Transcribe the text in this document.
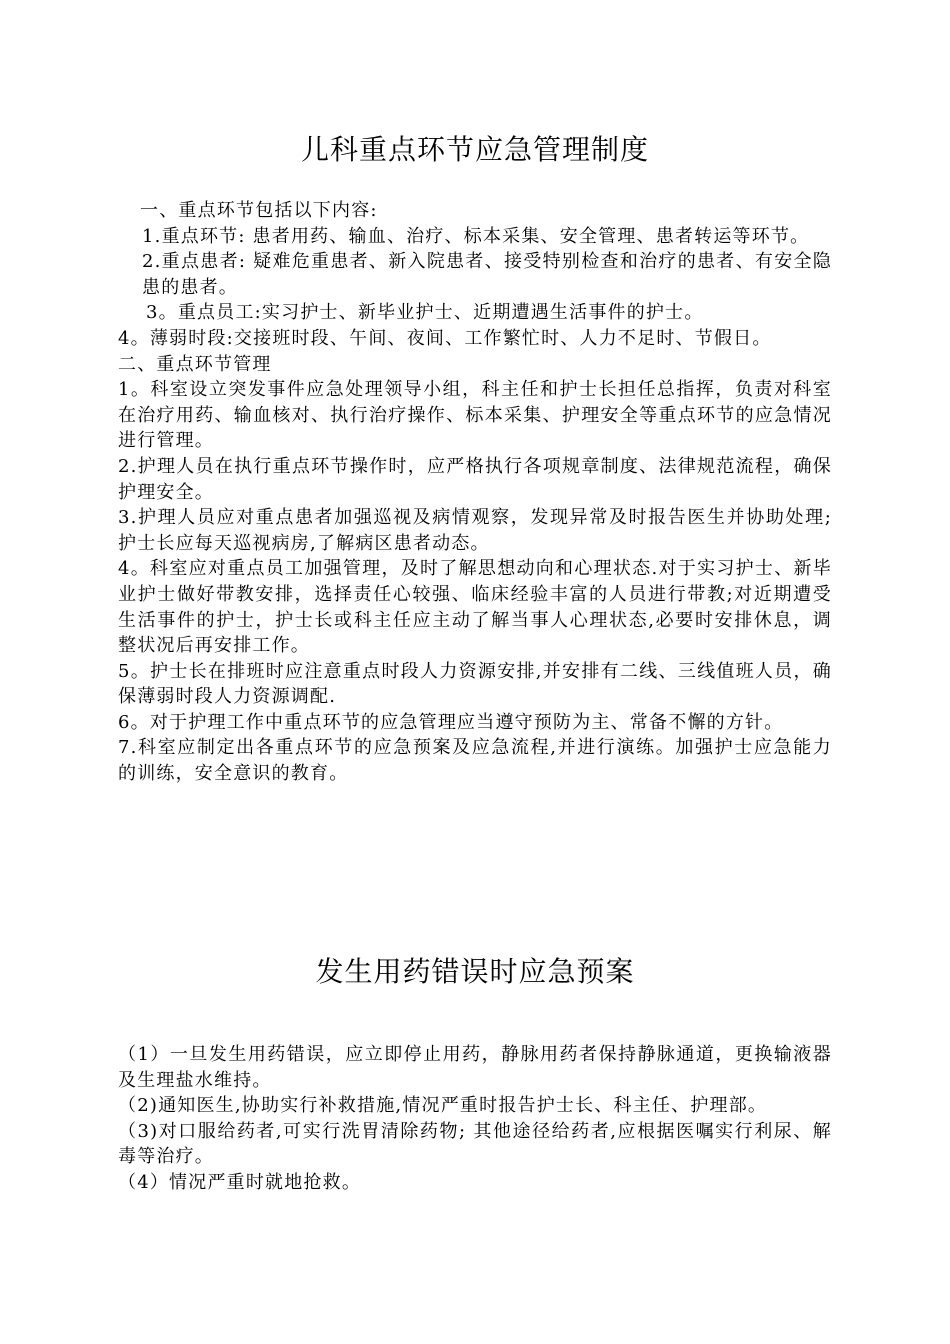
儿科重点环节应急管理制度

一、重点环节包括以下内容:

1.重点环节: 患者用药、输血、治疗、标本采集、安全管理、患者转运等环节。

2.重点患者: 疑难危重患者、新入院患者、接受特别检查和治疗的患者、有安全隐患的患者。

3。重点员工:实习护士、新毕业护士、近期遭遇生活事件的护士。

4。薄弱时段:交接班时段、午间、夜间、工作繁忙时、人力不足时、节假日。

二、重点环节管理

1。科室设立突发事件应急处理领导小组，科主任和护士长担任总指挥，负责对科室在治疗用药、输血核对、执行治疗操作、标本采集、护理安全等重点环节的应急情况进行管理。

2.护理人员在执行重点环节操作时，应严格执行各项规章制度、法律规范流程，确保护理安全。

3.护理人员应对重点患者加强巡视及病情观察，发现异常及时报告医生并协助处理; 护士长应每天巡视病房,了解病区患者动态。

4。科室应对重点员工加强管理，及时了解思想动向和心理状态.对于实习护士、新毕业护士做好带教安排，选择责任心较强、临床经验丰富的人员进行带教;对近期遭受生活事件的护士，护士长或科主任应主动了解当事人心理状态,必要时安排休息，调整状况后再安排工作。

5。护士长在排班时应注意重点时段人力资源安排,并安排有二线、三线值班人员，确保薄弱时段人力资源调配.

6。对于护理工作中重点环节的应急管理应当遵守预防为主、常备不懈的方针。

7.科室应制定出各重点环节的应急预案及应急流程,并进行演练。加强护士应急能力的训练，安全意识的教育。

发生用药错误时应急预案

（1）一旦发生用药错误，应立即停止用药，静脉用药者保持静脉通道，更换输液器及生理盐水维持。

（2)通知医生,协助实行补救措施,情况严重时报告护士长、科主任、护理部。

（3)对口服给药者,可实行洗胃清除药物; 其他途径给药者,应根据医嘱实行利尿、解毒等治疗。

（4）情况严重时就地抢救。
